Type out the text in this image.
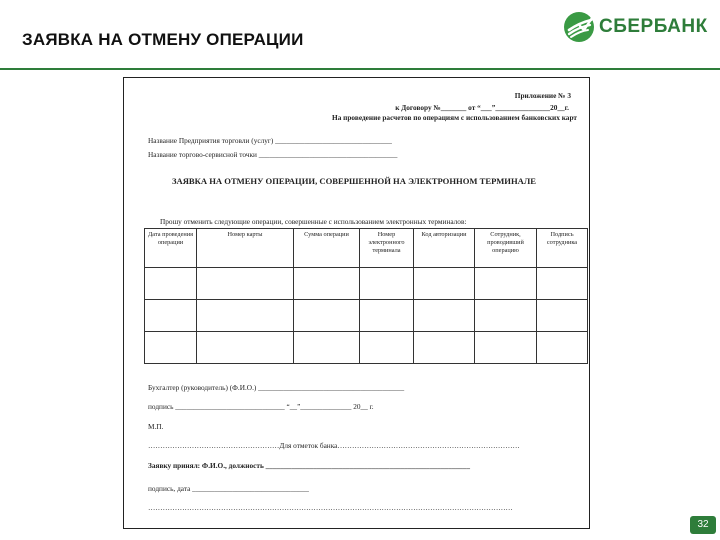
ЗАЯВКА НА ОТМЕНУ ОПЕРАЦИИ
СБЕРБАНК
Приложение № 3
к Договору №_______ от “___”_______________20__г.
На проведение расчетов по операциям с использованием банковских карт
Название Предприятия торговли (услуг) ________________________________
Название торгово-сервисной точки ______________________________________
ЗАЯВКА НА ОТМЕНУ ОПЕРАЦИИ, СОВЕРШЕННОЙ НА ЭЛЕКТРОННОМ ТЕРМИНАЛЕ
Прошу отменить следующие операции, совершенные с использованием электронных терминалов:
Дата проведения операции	Номер карты	Сумма операции	Номер электронного терминала	Код авторизации	Сотрудник, проводивший операцию	Подпись сотрудника

Бухгалтер (руководитель) (Ф.И.О.) ________________________________________
подпись ______________________________ “__”______________ 20__ г.
М.П.
………………………………………………Для отметок банка…………………………………………………………………
Заявку принял: Ф.И.О., должность ________________________________________________________
подпись, дата ________________________________
……………………………………………………………………………………………………………………………………
32
